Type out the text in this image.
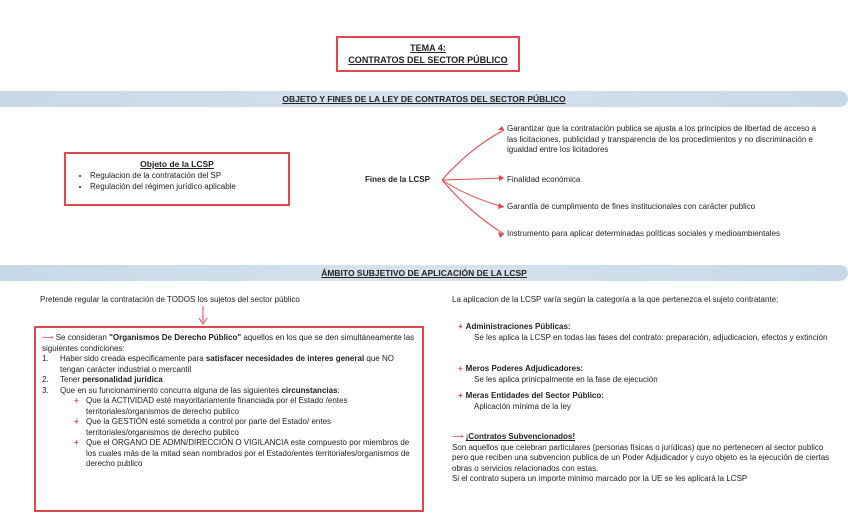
TEMA 4:
CONTRATOS DEL SECTOR PÚBLICO
OBJETO Y FINES DE LA LEY DE CONTRATOS DEL SECTOR PÚBLICO
Objeto de la LCSP
• Regulacion de la contratación del SP
• Regulación del régimen jurídico aplicable
Fines de la LCSP
Garantizar que la contratación publica se ajusta a los principios de libertad de acceso a las licitaciones, publicidad y transparencia de los procedimientos y no discriminación e igualdad entre los licitadores
Finalidad económica
Garantía de cumplimiento de fines institucionales con carácter publico
Instrumento para aplicar determinadas políticas sociales y medioambientales
ÁMBITO SUBJETIVO DE APLICACIÓN DE LA LCSP
Pretende regular la contratación de TODOS los sujetos del sector público
⟶ Se consideran "Organismos De Derecho Público" aquellos en los que se den simultáneamente las siguientes condiciones:
1. Haber sido creada especificamente para satisfacer necesidades de interes general que NO tengan carácter industrial o mercantil
2. Tener personalidad jurídica
3. Que en su funcionaminento concurra alguna de las siguientes circunstancias:
+ Que la ACTIVIDAD esté mayoritariamente financiada por el Estado /entes territoriales/organismos de derecho publico
+ Que la GESTIÓN esté sometida a control por parte del Estado/ entes territoriales/organismos de derecho publico
+ Que el ORGANO DE ADMN/DIRECCIÓN O VIGILANCIA este compuesto por miembros de los cuales más de la mitad sean nombrados por el Estado/entes territoriales/organismos de derecho publico
La aplicacion de la LCSP varía según la categoría a la que pertenezca el sujeto contratante:
+ Administraciones Públicas:
Se les aplica la LCSP en todas las fases del contrato: preparación, adjudicacion, efectos y extinción
+ Meros Poderes Adjudicadores:
Se les aplica prinicpalmente en la fase de ejecución
+ Meras Entidades del Sector Público:
Aplicación mínima de la ley
⟶ ¡Contratos Subvencionados!
Son aquellos que celebran particulares (personas físicas o jurídicas) que no pertenecen al sector publico pero que reciben una subvencion publica de un Poder Adjudicador y cuyo objeto es la ejecución de ciertas obras o servicios relacionados con estas.
Si el contrato supera un importe minimo marcado por la UE se les aplicará la LCSP
